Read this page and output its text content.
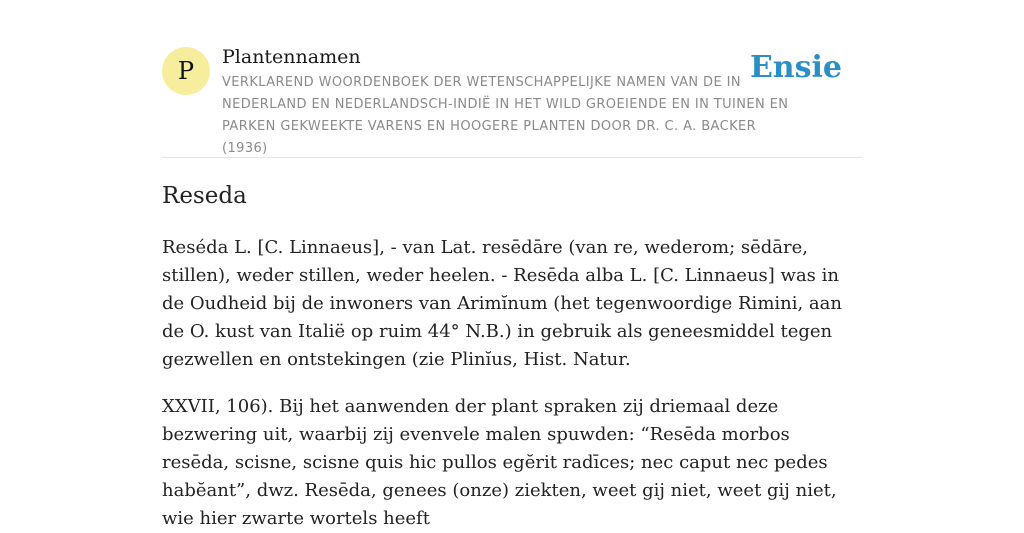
P	Plantennamen
VERKLAREND WOORDENBOEK DER WETENSCHAPPELIJKE NAMEN VAN DE IN NEDERLAND EN NEDERLANDSCH-INDIË IN HET WILD GROEIENDE EN IN TUINEN EN PARKEN GEKWEEKTE VARENS EN HOOGERE PLANTEN DOOR DR. C. A. BACKER (1936)
Ensie
Reseda

Reséda L. [C. Linnaeus], - van Lat. resēdāre (van re, wederom; sēdāre, stillen), weder stillen, weder heelen. - Resēda alba L. [C. Linnaeus] was in de Oudheid bij de inwoners van Arimĭnum (het tegenwoordige Rimini, aan de O. kust van Italië op ruim 44° N.B.) in gebruik als geneesmiddel tegen gezwellen en ontstekingen (zie Plinĭus, Hist. Natur.

XXVII, 106). Bij het aanwenden der plant spraken zij driemaal deze bezwering uit, waarbij zij evenvele malen spuwden: “Resēda morbos resēda, scisne, scisne quis hic pullos egĕrit radīces; nec caput nec pedes habĕant”, dwz. Resēda, genees (onze) ziekten, weet gij niet, weet gij niet, wie hier zwarte wortels heeft
